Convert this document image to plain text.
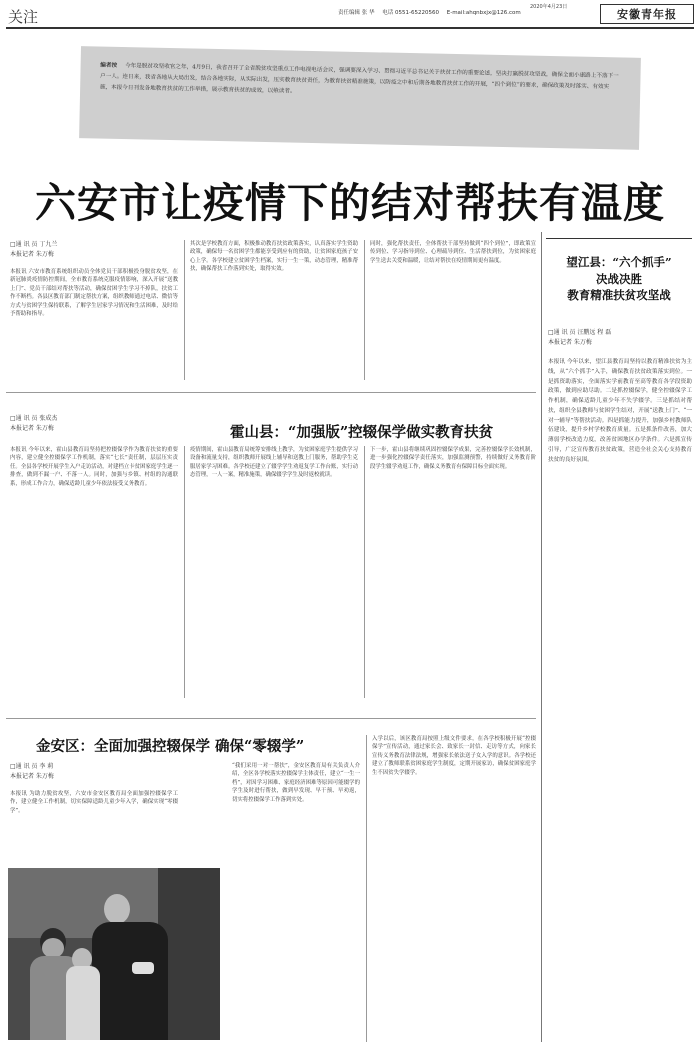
关注	责任编辑 张 华 电话 0551-65220560 E-mail:ahqnbxjx@126.com
2020年4月23日
安徽青年报
编者按 今年是脱贫攻坚收官之年，4月9日，我省召开了全省脱贫攻坚重点工作电视电话会议，强调要深入学习、贯彻习近平总书记关于扶贫工作的重要论述，坚决打赢脱贫攻坚战，确保全面小康路上不落下一户一人。连日来，我省各地从大局出发，结合各地实际，从实际出发，压实教育扶贫责任，为教育扶贫精准施策，以防疫之中和后期各地教育扶贫工作的开展，“四个到位”的要求，确保政策及时落实、有效实施，本报今日刊发各地教育扶贫的工作举措，展示教育扶贫的成效，以飨读者。
六安市让疫情下的结对帮扶有温度
□通 讯 员 丁九兰
本报记者 朱万梅
本报讯 六安市教育系统组织动员全体党员干部积极投身脱贫攻坚，在新冠肺炎疫情防控期间，全市教育系统克服疫情影响，深入开展“送教上门”、党员干部结对帮扶等活动，确保贫困学生学习不掉队，扶贫工作不断档。各县区教育部门制定帮扶方案，组织教师通过电话、微信等方式与贫困学生保持联系，了解学生居家学习情况和生活困难，及时给予帮助和指导。
其次是学校教育方面，积极推动教育扶贫政策落实，认真落实学生资助政策，确保每一名贫困学生都能享受到应有的资助，让贫困家庭孩子安心上学。各学校建立贫困学生档案，实行一生一策，动态管理，精准帮扶，确保帮扶工作落到实处，取得实效。
同时，强化帮扶责任，全体帮扶干部坚持做到“四个到位”，即政策宣传到位、学习指导到位、心理疏导到位、生活帮扶到位，为贫困家庭学生送去关爱和温暖，让结对帮扶在疫情期间更有温度。	望江县：“六个抓手”
决战决胜
教育精准扶贫攻坚战
□通 讯 员 汪鹏远 程 磊
本报记者 朱万梅
本报讯 今年以来，望江县教育局坚持以教育精准扶贫为主线，从“六个抓手”入手，确保教育扶贫政策落实到位。一是抓资助落实，全面落实学前教育至高等教育各学段资助政策，做到应助尽助。二是抓控辍保学，健全控辍保学工作机制，确保适龄儿童少年不失学辍学。三是抓结对帮扶，组织全县教师与贫困学生结对，开展“送教上门”、“一对一辅导”等帮扶活动。四是抓能力提升，加强乡村教师队伍建设，提升乡村学校教育质量。五是抓条件改善，加大薄弱学校改造力度，改善贫困地区办学条件。六是抓宣传引导，广泛宣传教育扶贫政策，营造全社会关心支持教育扶贫的良好氛围。
□通 讯 员 张成杰
本报记者 朱万梅	霍山县：“加强版”控辍保学做实教育扶贫
本报讯 今年以来，霍山县教育局坚持把控辍保学作为教育扶贫的重要内容，建立健全控辍保学工作机制，落实“七长”责任制，层层压实责任。全县各学校开展学生入户走访活动，对建档立卡贫困家庭学生逐一排查，做到不漏一户、不落一人。同时，加强与乡镇、村组的沟通联系，形成工作合力，确保适龄儿童少年依法接受义务教育。
疫情期间，霍山县教育局统筹安排线上教学，为贫困家庭学生提供学习设备和流量支持，组织教师开展线上辅导和送教上门服务，帮助学生克服居家学习困难。各学校还建立了辍学学生劝返复学工作台账，实行动态管理，一人一案，精准施策，确保辍学学生及时返校就读。
下一步，霍山县将继续巩固控辍保学成果，完善控辍保学长效机制，进一步强化控辍保学责任落实，加强监测预警，持续做好义务教育阶段学生辍学劝返工作，确保义务教育有保障目标全面实现。
金安区：全面加强控辍保学 确保“零辍学”
□通 讯 员 李 莉
本报记者 朱万梅
本报讯 为助力脱贫攻坚，六安市金安区教育局全面加强控辍保学工作，建立健全工作机制，切实保障适龄儿童少年入学，确保实现“零辍学”。
“我们采用一对一帮扶”，金安区教育局有关负责人介绍，全区各学校落实控辍保学主体责任，建立“一生一档”，对因学习困难、家庭经济困难等原因可能辍学的学生及时进行帮扶，做到早发现、早干预、早劝返，切实将控辍保学工作落到实处。
入学以后，该区教育局按照上级文件要求，在各学校积极开展“控辍保学”宣传活动，通过家长会、致家长一封信、走访等方式，向家长宣传义务教育法律法规，增强家长依法送子女入学的意识。各学校还建立了教师联系贫困家庭学生制度，定期开展家访，确保贫困家庭学生不因贫失学辍学。
